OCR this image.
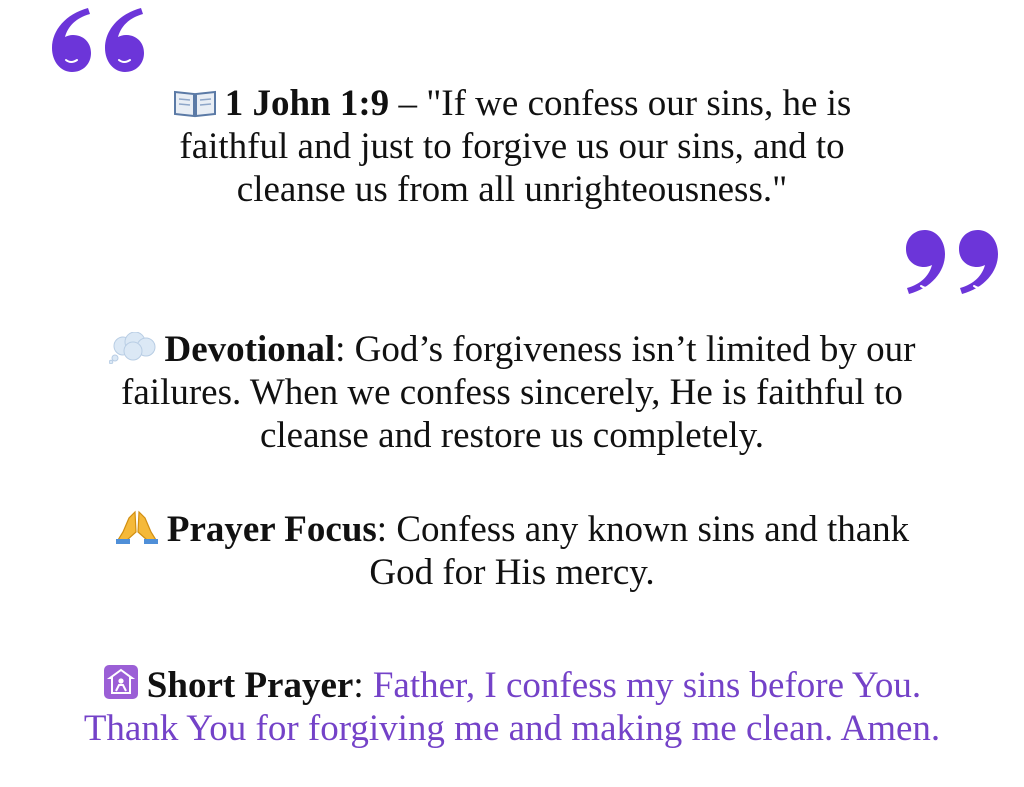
1 John 1:9 – "If we confess our sins, he is
faithful and just to forgive us our sins, and to
cleanse us from all unrighteousness."

Devotional: God’s forgiveness isn’t limited by our
failures. When we confess sincerely, He is faithful to
cleanse and restore us completely.

Prayer Focus: Confess any known sins and thank
God for His mercy.

Short Prayer: Father, I confess my sins before You.
Thank You for forgiving me and making me clean. Amen.
